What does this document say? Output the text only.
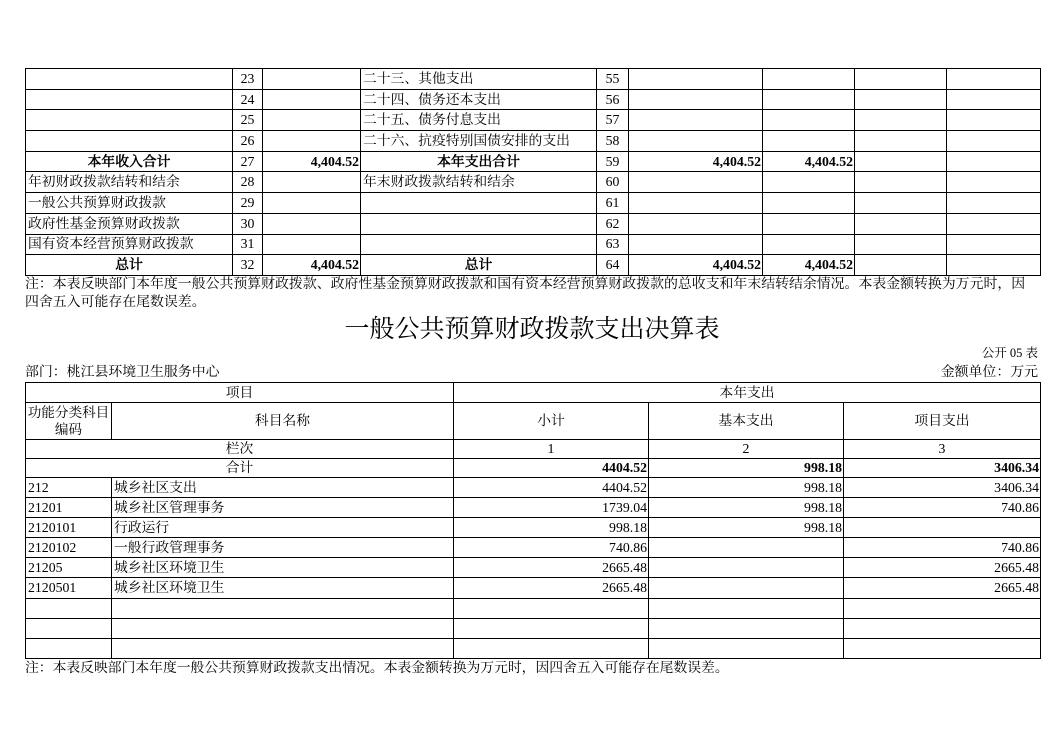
	23		二十三、其他支出	55				
	24		二十四、债务还本支出	56				
	25		二十五、债务付息支出	57				
	26		二十六、抗疫特别国债安排的支出	58				
本年收入合计	27	4,404.52	本年支出合计	59	4,404.52	4,404.52		
年初财政拨款结转和结余	28		年末财政拨款结转和结余	60				
一般公共预算财政拨款	29			61				
政府性基金预算财政拨款	30			62				
国有资本经营预算财政拨款	31			63				
总计	32	4,404.52	总计	64	4,404.52	4,404.52		
注：本表反映部门本年度一般公共预算财政拨款、政府性基金预算财政拨款和国有资本经营预算财政拨款的总收支和年末结转结余情况。本表金额转换为万元时，因
四舍五入可能存在尾数误差。
一般公共预算财政拨款支出决算表
公开 05 表
部门：桃江县环境卫生服务中心	金额单位：万元
项目		本年支出		
功能分类科目编码	科目名称	小计	基本支出	项目支出
栏次		1	2	3
合计		4404.52	998.18	3406.34
212	城乡社区支出	4404.52	998.18	3406.34
21201	城乡社区管理事务	1739.04	998.18	740.86
2120101	行政运行	998.18	998.18	
2120102	一般行政管理事务	740.86		740.86
21205	城乡社区环境卫生	2665.48		2665.48
2120501	城乡社区环境卫生	2665.48		2665.48

注：本表反映部门本年度一般公共预算财政拨款支出情况。本表金额转换为万元时，因四舍五入可能存在尾数误差。
